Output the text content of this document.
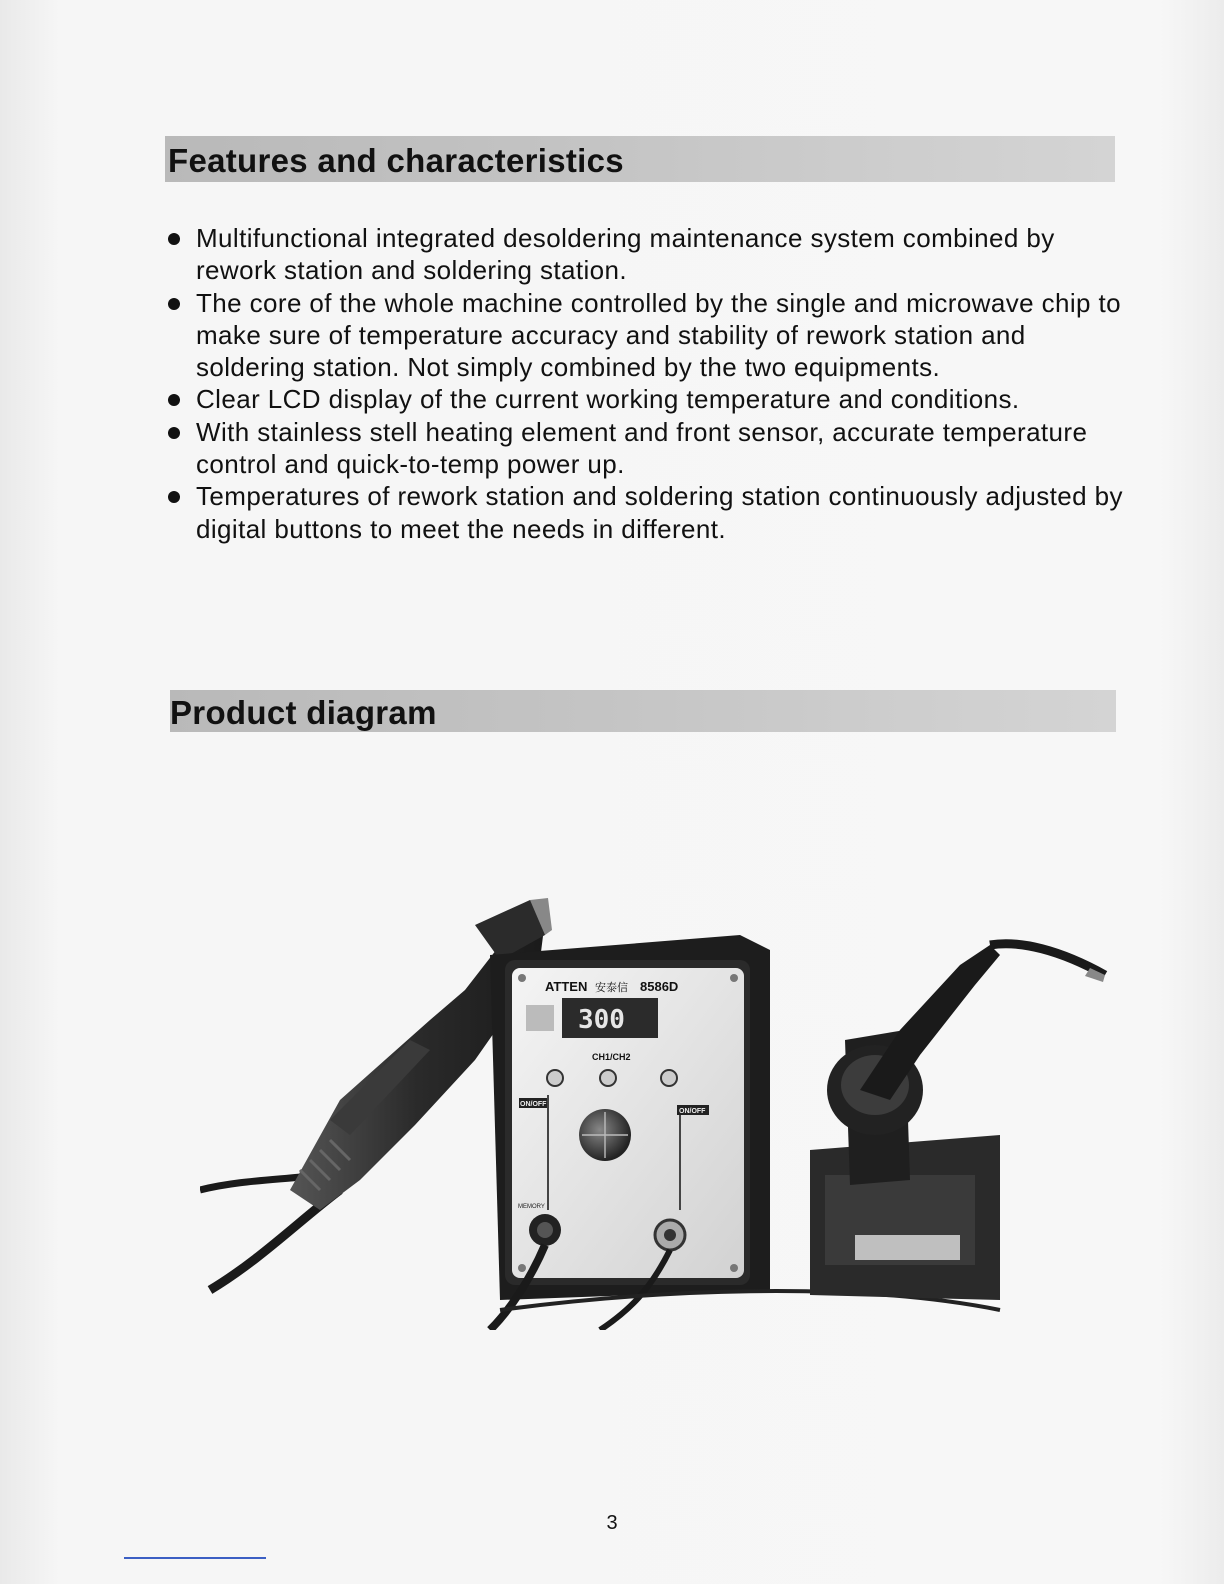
Features and characteristics
Multifunctional integrated desoldering maintenance system combined by rework station and soldering station.
The core of the whole machine controlled by the single and microwave chip to make sure of temperature accuracy and stability of rework station and soldering station. Not simply combined by the two equipments.
Clear LCD display of the current working temperature and conditions.
With stainless stell heating element and front sensor, accurate temperature control and quick-to-temp power up.
Temperatures of rework station and soldering station continuously adjusted by digital buttons to meet the needs in different.
Product diagram
ATTEN 安泰信 8586D
300
CH1/CH2
ON/OFF
ON/OFF
MEMORY
3
